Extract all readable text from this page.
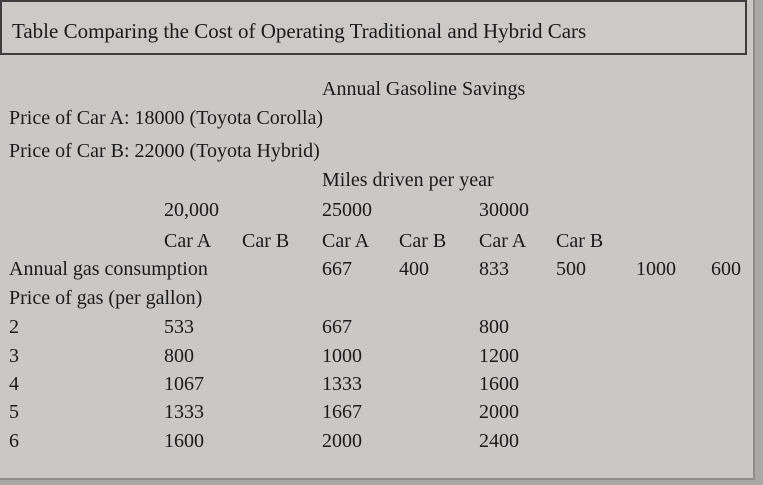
Table Comparing the Cost of Operating Traditional and Hybrid Cars
Annual Gasoline Savings
Price of Car A: 18000 (Toyota Corolla)
Price of Car B: 22000 (Toyota Hybrid)
Miles driven per year
20,000	25000	30000
Car A Car B Car A Car B Car A Car B
Annual gas consumption	667 400	833 500	1000 600
Price of gas (per gallon)
2	533	667	800
3	800	1000	1200
4	1067	1333	1600
5	1333	1667	2000
6	1600	2000	2400
